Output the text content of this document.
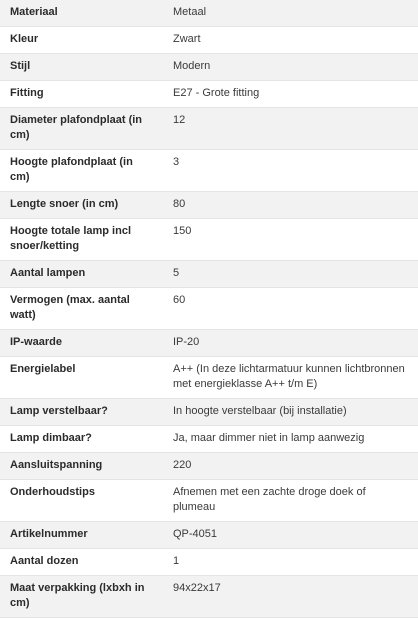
Materiaal	Metaal
Kleur	Zwart
Stijl	Modern
Fitting	E27 - Grote fitting
Diameter plafondplaat (in cm)	12
Hoogte plafondplaat (in cm)	3
Lengte snoer (in cm)	80
Hoogte totale lamp incl snoer/ketting	150
Aantal lampen	5
Vermogen (max. aantal watt)	60
IP-waarde	IP-20
Energielabel	A++ (In deze lichtarmatuur kunnen lichtbronnen met energieklasse A++ t/m E)
Lamp verstelbaar?	In hoogte verstelbaar (bij installatie)
Lamp dimbaar?	Ja, maar dimmer niet in lamp aanwezig
Aansluitspanning	220
Onderhoudstips	Afnemen met een zachte droge doek of plumeau
Artikelnummer	QP-4051
Aantal dozen	1
Maat verpakking (lxbxh in cm)	94x22x17
